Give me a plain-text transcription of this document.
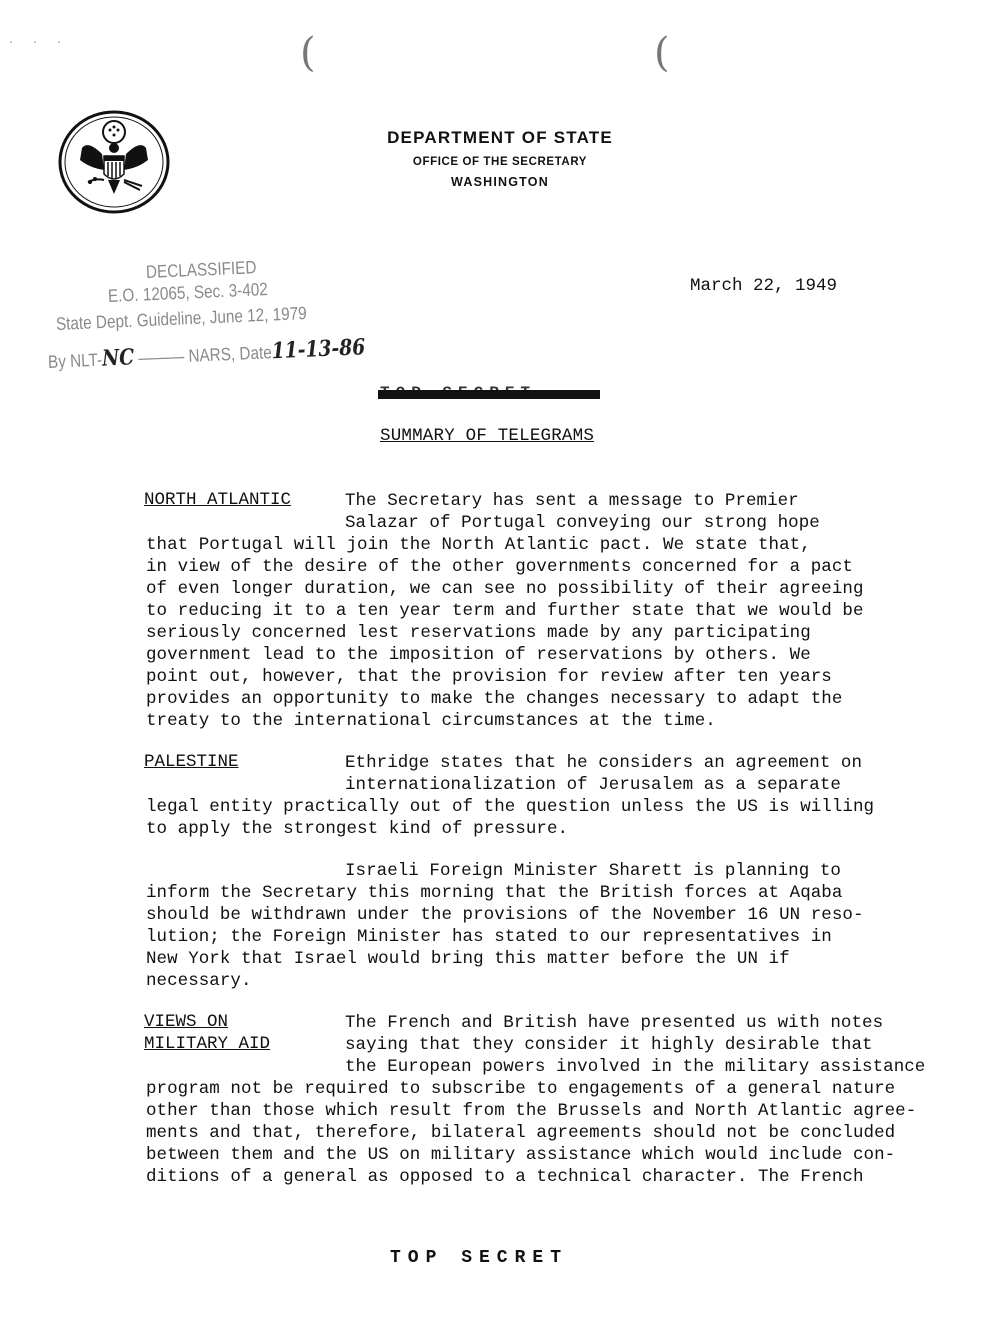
· · ·	(	(
DEPARTMENT OF STATE
OFFICE OF THE SECRETARY
WASHINGTON
DECLASSIFIED
E.O. 12065, Sec. 3-402
State Dept. Guideline, June 12, 1979
By NLT-NC ——— NARS, Date11-13-86
March 22, 1949
SUMMARY OF TELEGRAMS
NORTH ATLANTIC	The Secretary has sent a message to Premier
Salazar of Portugal conveying our strong hope
that Portugal will join the North Atlantic pact. We state that,
in view of the desire of the other governments concerned for a pact
of even longer duration, we can see no possibility of their agreeing
to reducing it to a ten year term and further state that we would be
seriously concerned lest reservations made by any participating
government lead to the imposition of reservations by others. We
point out, however, that the provision for review after ten years
provides an opportunity to make the changes necessary to adapt the
treaty to the international circumstances at the time.
PALESTINE	Ethridge states that he considers an agreement on
internationalization of Jerusalem as a separate
legal entity practically out of the question unless the US is willing
to apply the strongest kind of pressure.
Israeli Foreign Minister Sharett is planning to
inform the Secretary this morning that the British forces at Aqaba
should be withdrawn under the provisions of the November 16 UN reso-
lution; the Foreign Minister has stated to our representatives in
New York that Israel would bring this matter before the UN if
necessary.
VIEWS ON
MILITARY AID
The French and British have presented us with notes
saying that they consider it highly desirable that
the European powers involved in the military assistance
program not be required to subscribe to engagements of a general nature
other than those which result from the Brussels and North Atlantic agree-
ments and that, therefore, bilateral agreements should not be concluded
between them and the US on military assistance which would include con-
ditions of a general as opposed to a technical character. The French
TOP SECRET
